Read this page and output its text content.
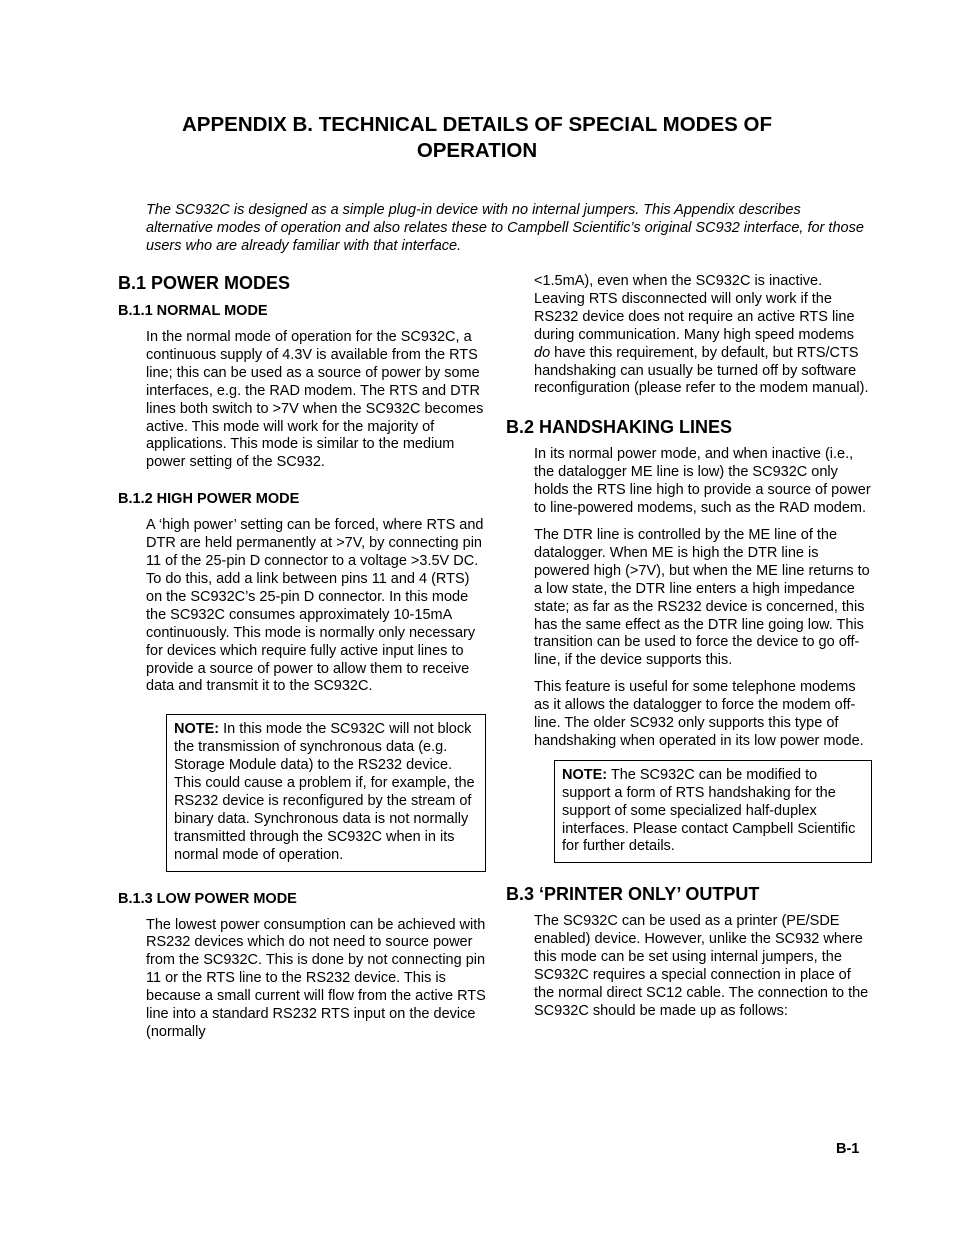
APPENDIX B. TECHNICAL DETAILS OF SPECIAL MODES OF
OPERATION
The SC932C is designed as a simple plug-in device with no internal jumpers. This Appendix describes alternative modes of operation and also relates these to Campbell Scientific’s original SC932 interface, for those users who are already familiar with that interface.
B.1 POWER MODES
B.1.1 NORMAL MODE

In the normal mode of operation for the SC932C, a continuous supply of 4.3V is available from the RTS line; this can be used as a source of power by some interfaces, e.g. the RAD modem. The RTS and DTR lines both switch to >7V when the SC932C becomes active. This mode will work for the majority of applications. This mode is similar to the medium power setting of the SC932.

B.1.2 HIGH POWER MODE

A ‘high power’ setting can be forced, where RTS and DTR are held permanently at >7V, by connecting pin 11 of the 25-pin D connector to a voltage >3.5V DC. To do this, add a link between pins 11 and 4 (RTS) on the SC932C’s 25-pin D connector. In this mode the SC932C consumes approximately 10-15mA continuously. This mode is normally only necessary for devices which require fully active input lines to provide a source of power to allow them to receive data and transmit it to the SC932C.

NOTE: In this mode the SC932C will not block the transmission of synchronous data (e.g. Storage Module data) to the RS232 device. This could cause a problem if, for example, the RS232 device is reconfigured by the stream of binary data. Synchronous data is not normally transmitted through the SC932C when in its normal mode of operation.
B.1.3 LOW POWER MODE

The lowest power consumption can be achieved with RS232 devices which do not need to source power from the SC932C. This is done by not connecting pin 11 or the RTS line to the RS232 device. This is because a small current will flow from the active RTS line into a standard RS232 RTS input on the device (normally

<1.5mA), even when the SC932C is inactive. Leaving RTS disconnected will only work if the RS232 device does not require an active RTS line during communication. Many high speed modems do have this requirement, by default, but RTS/CTS handshaking can usually be turned off by software reconfiguration (please refer to the modem manual).

B.2 HANDSHAKING LINES

In its normal power mode, and when inactive (i.e., the datalogger ME line is low) the SC932C only holds the RTS line high to provide a source of power to line-powered modems, such as the RAD modem.

The DTR line is controlled by the ME line of the datalogger. When ME is high the DTR line is powered high (>7V), but when the ME line returns to a low state, the DTR line enters a high impedance state; as far as the RS232 device is concerned, this has the same effect as the DTR line going low. This transition can be used to force the device to go off-line, if the device supports this.

This feature is useful for some telephone modems as it allows the datalogger to force the modem off-line. The older SC932 only supports this type of handshaking when operated in its low power mode.

NOTE: The SC932C can be modified to support a form of RTS handshaking for the support of some specialized half-duplex interfaces. Please contact Campbell Scientific for further details.
B.3 ‘PRINTER ONLY’ OUTPUT

The SC932C can be used as a printer (PE/SDE enabled) device. However, unlike the SC932 where this mode can be set using internal jumpers, the SC932C requires a special connection in place of the normal direct SC12 cable. The connection to the SC932C should be made up as follows:

B-1
